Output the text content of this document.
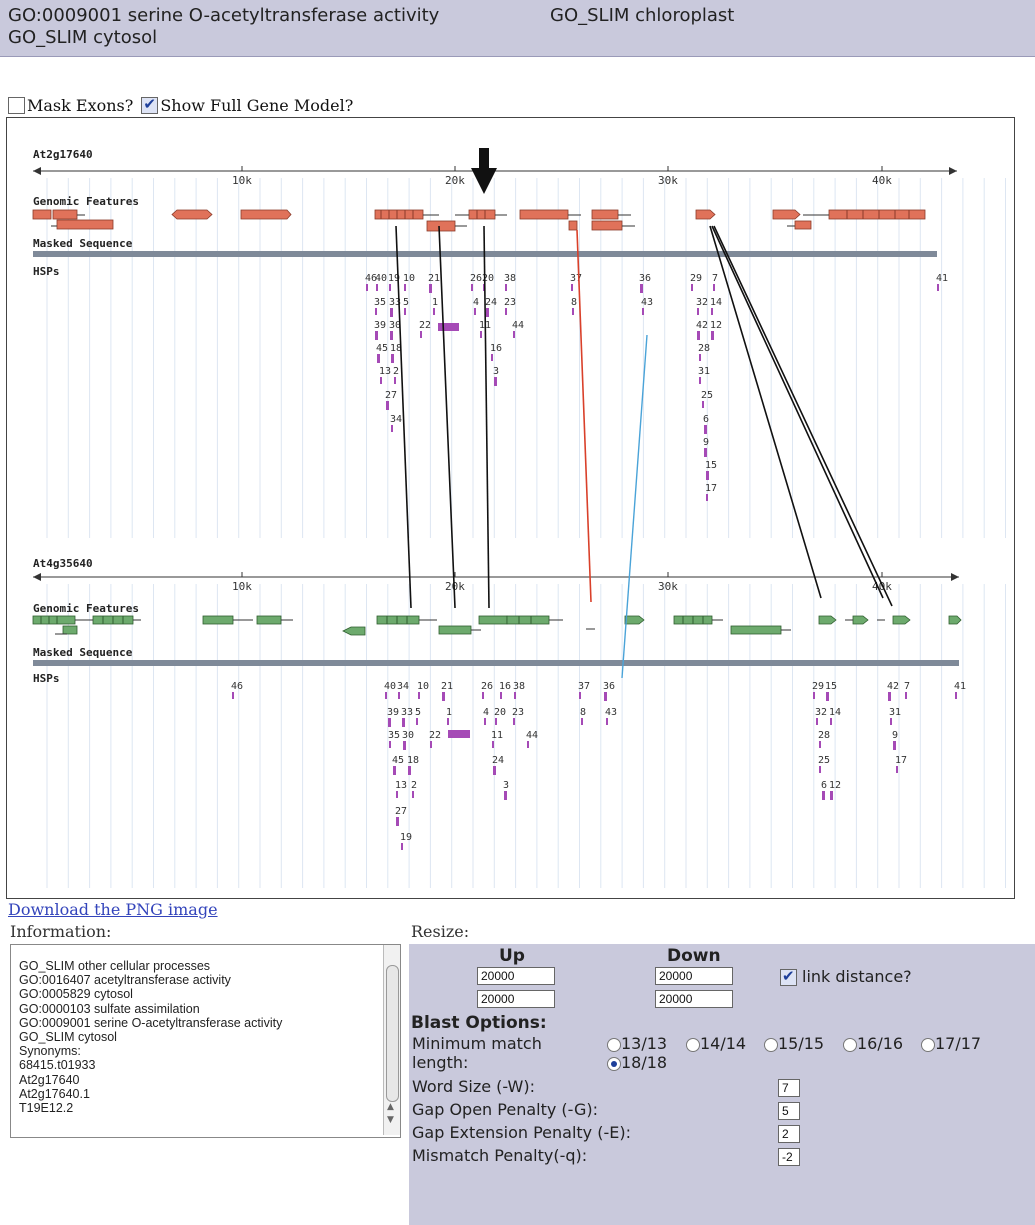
GO:0009001 serine O-acetyltransferase activity	GO_SLIM chloroplast
GO_SLIM cytosol
Mask Exons? ✔ Show Full Gene Model?
At2g17640
10k	20k	30k	40k
Genomic Features
Masked Sequence
HSPs
46
40 19 10 21	26 20 38	37	36	29 7	41
35 33 5 1	4 24 23	8	43	32 14
39 30 22	11 44	42 12
45 18	16	28
13 2	3	31
27	25
34	6
9
15
17
At4g35640
10k	20k	30k	40k
Genomic Features
Masked Sequence
HSPs
46	40 34 10 21	26 16 38	37 36	29 15	42 7	41
39 33 5 1	4 20 23	8 43	32 14	31
35 30 22	11 44	28	9
45 18	24	25	17
13 2	3	6 12
27
19
Download the PNG image
Information:	Resize:
GO_SLIM other cellular processes
GO:0016407 acetyltransferase activity
GO:0005829 cytosol
GO:0000103 sulfate assimilation
GO:0009001 serine O-acetyltransferase activity
GO_SLIM cytosol
Synonyms:
68415.t01933
At2g17640
At2g17640.1
T19E12.2	▲
▼
Up	Down
20000	20000
20000	20000
✔
link distance?
Blast Options:
Minimum match
length:
13/13 14/14 15/15 16/16 17/17
18/18
Word Size (-W):	7
Gap Open Penalty (-G):	5
Gap Extension Penalty (-E):	2
Mismatch Penalty(-q):	-2
